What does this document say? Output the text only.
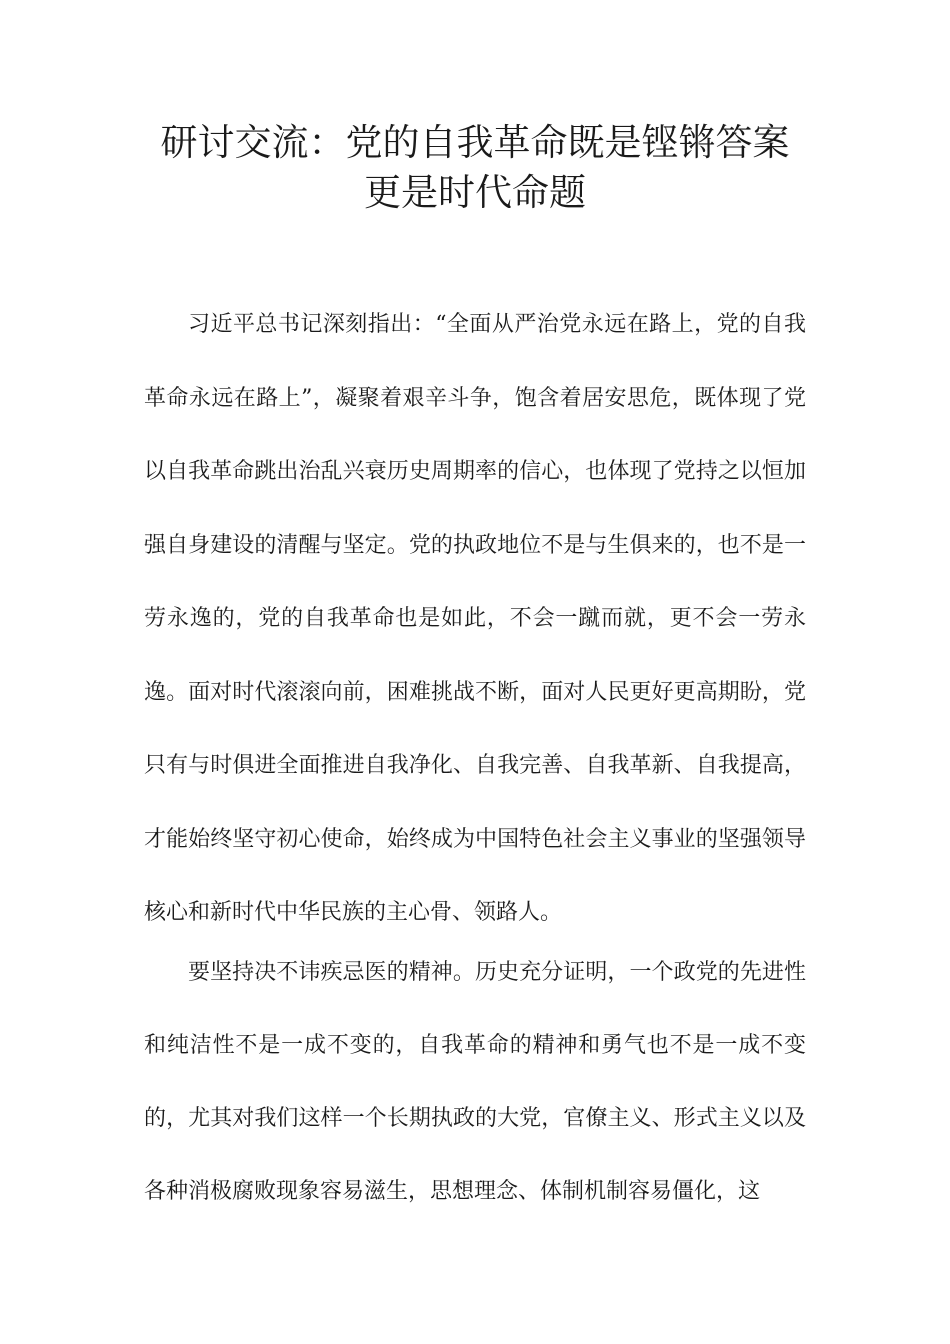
研讨交流：党的自我革命既是铿锵答案更是时代命题

习近平总书记深刻指出：“全面从严治党永远在路上，党的自我革命永远在路上”，凝聚着艰辛斗争，饱含着居安思危，既体现了党以自我革命跳出治乱兴衰历史周期率的信心，也体现了党持之以恒加强自身建设的清醒与坚定。党的执政地位不是与生俱来的，也不是一劳永逸的，党的自我革命也是如此，不会一蹴而就，更不会一劳永逸。面对时代滚滚向前，困难挑战不断，面对人民更好更高期盼，党只有与时俱进全面推进自我净化、自我完善、自我革新、自我提高，才能始终坚守初心使命，始终成为中国特色社会主义事业的坚强领导核心和新时代中华民族的主心骨、领路人。

要坚持决不讳疾忌医的精神。历史充分证明，一个政党的先进性和纯洁性不是一成不变的，自我革命的精神和勇气也不是一成不变的，尤其对我们这样一个长期执政的大党，官僚主义、形式主义以及各种消极腐败现象容易滋生，思想理念、体制机制容易僵化，这
